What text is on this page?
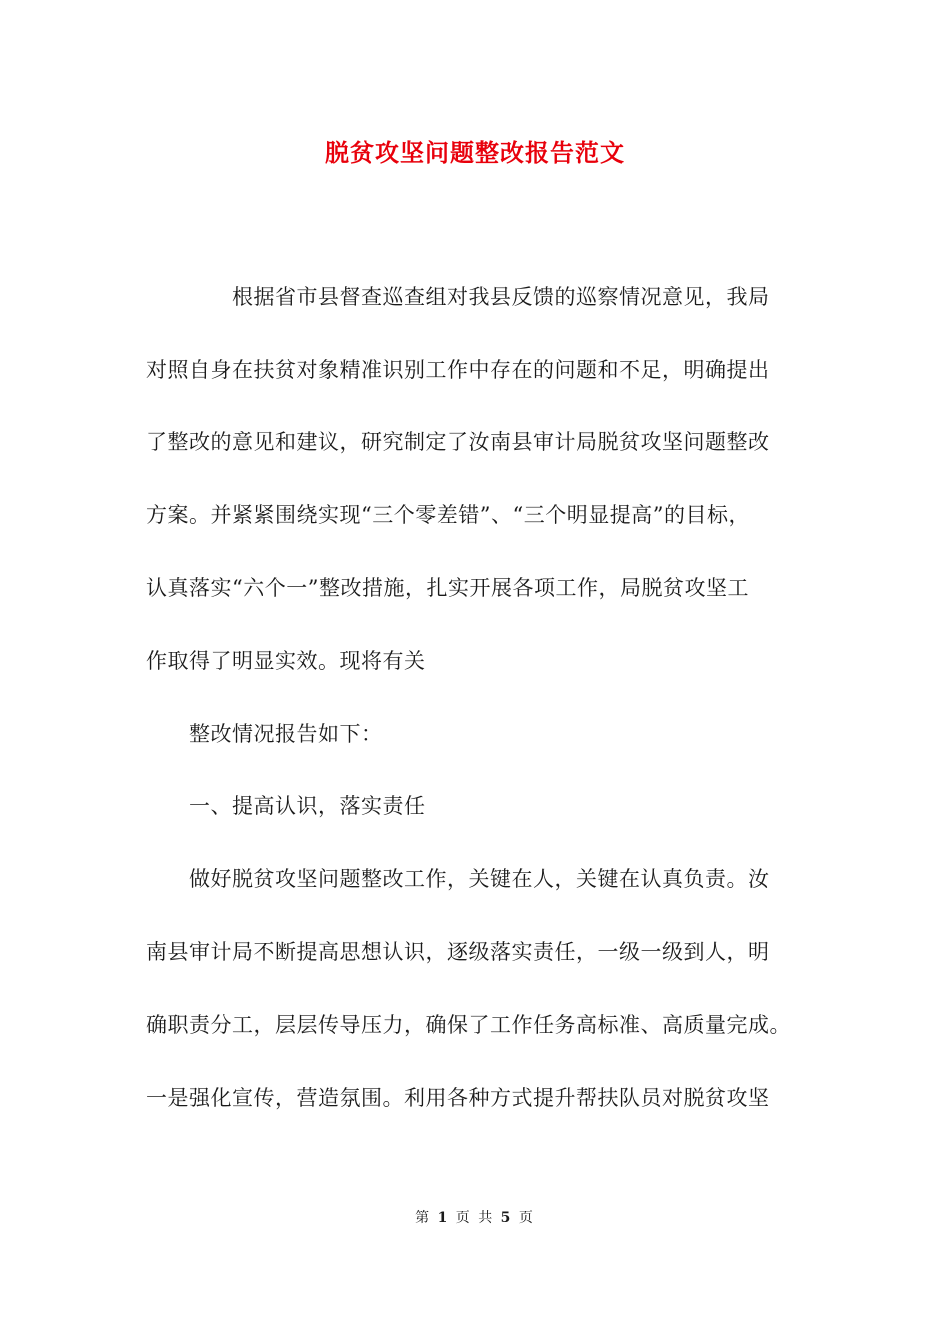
脱贫攻坚问题整改报告范文
根据省市县督查巡查组对我县反馈的巡察情况意见，我局
对照自身在扶贫对象精准识别工作中存在的问题和不足，明确提出
了整改的意见和建议，研究制定了汝南县审计局脱贫攻坚问题整改
方案。并紧紧围绕实现“三个零差错”、“三个明显提高”的目标，
认真落实“六个一”整改措施，扎实开展各项工作，局脱贫攻坚工
作取得了明显实效。现将有关
整改情况报告如下：
一、提高认识，落实责任
做好脱贫攻坚问题整改工作，关键在人，关键在认真负责。汝
南县审计局不断提高思想认识，逐级落实责任，一级一级到人，明
确职责分工，层层传导压力，确保了工作任务高标准、高质量完成。
一是强化宣传，营造氛围。利用各种方式提升帮扶队员对脱贫攻坚
第 1 页 共 5 页
